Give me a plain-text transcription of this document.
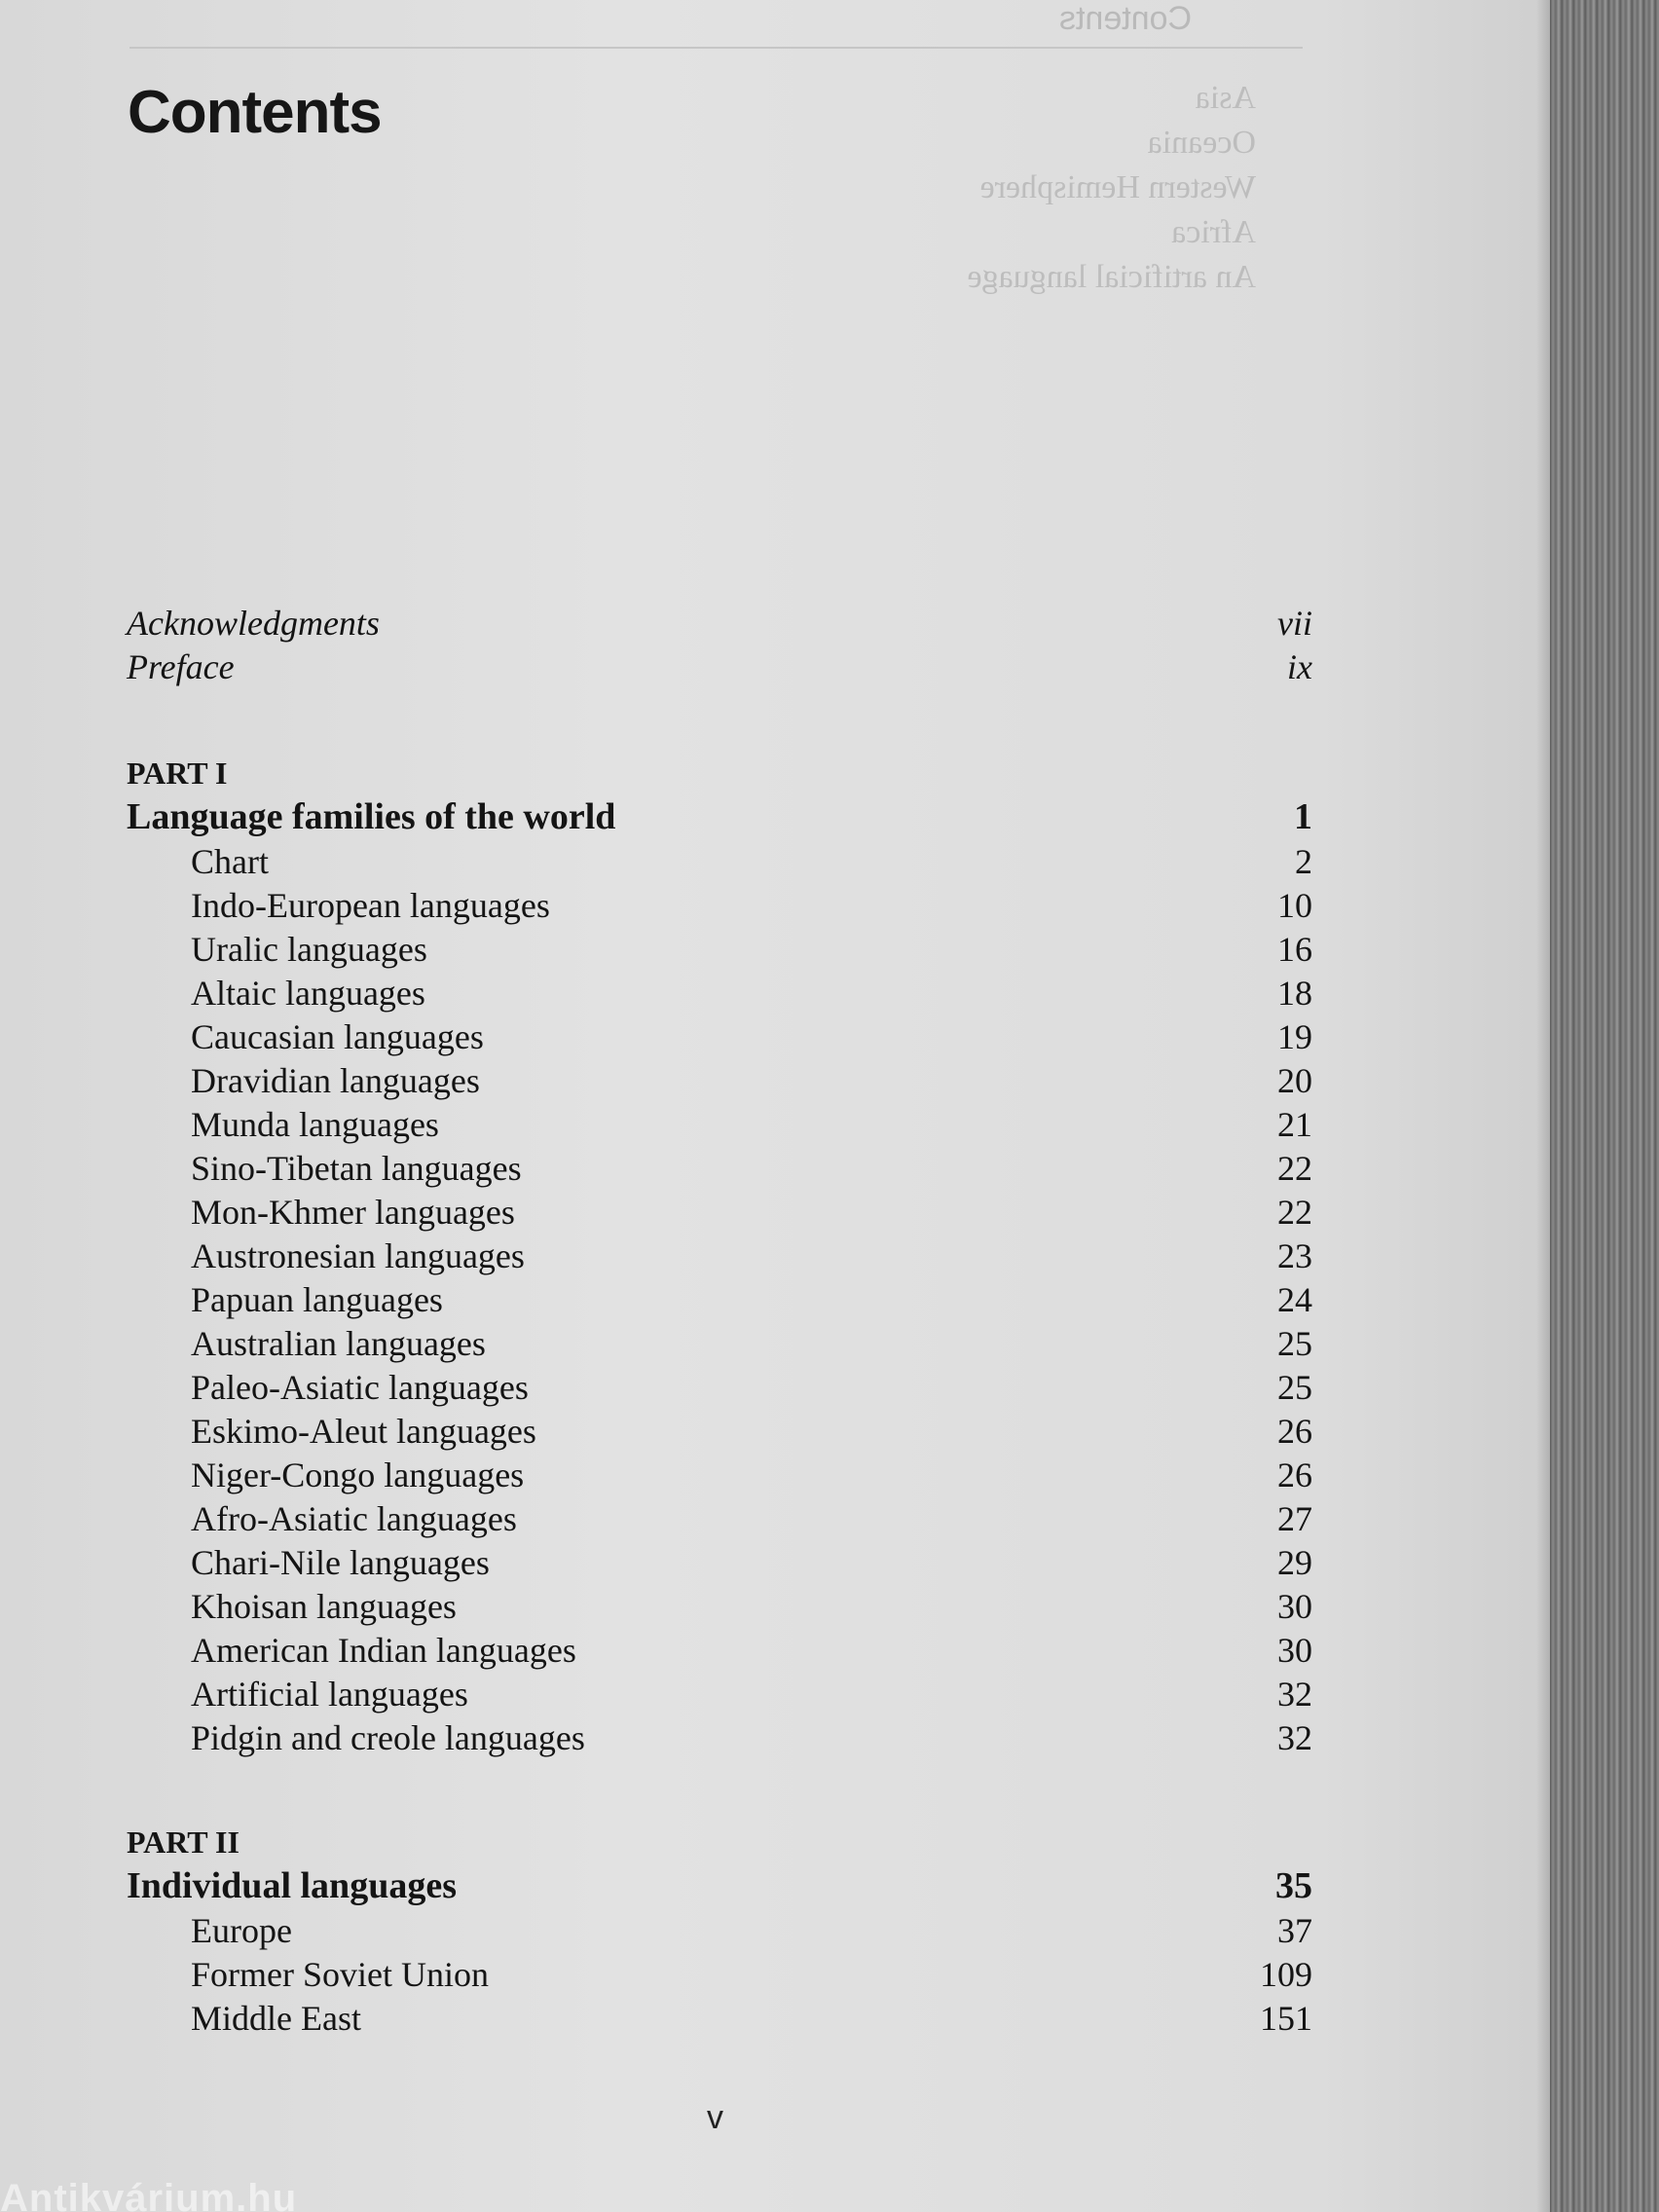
Contents
Asia

Oceania

Western Hemisphere

Africa

An artificial language

Contents
Acknowledgments	vii
Preface	ix
PART I
Language families of the world	1
Chart	2
Indo-European languages	10
Uralic languages	16
Altaic languages	18
Caucasian languages	19
Dravidian languages	20
Munda languages	21
Sino-Tibetan languages	22
Mon-Khmer languages	22
Austronesian languages	23
Papuan languages	24
Australian languages	25
Paleo-Asiatic languages	25
Eskimo-Aleut languages	26
Niger-Congo languages	26
Afro-Asiatic languages	27
Chari-Nile languages	29
Khoisan languages	30
American Indian languages	30
Artificial languages	32
Pidgin and creole languages	32
PART II
Individual languages	35
Europe	37
Former Soviet Union	109
Middle East	151
v
Antikvárium.hu
